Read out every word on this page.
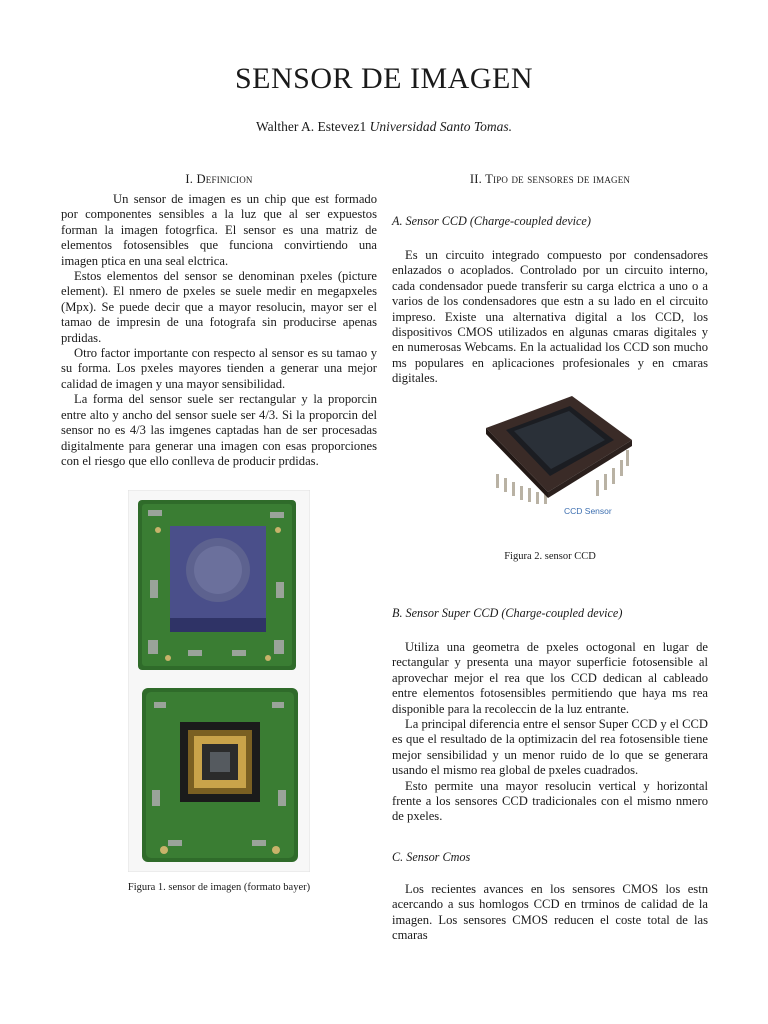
SENSOR DE IMAGEN
Walther A. Estevez1 Universidad Santo Tomas.
I. Definicion

Un sensor de imagen es un chip que est formado por componentes sensibles a la luz que al ser expuestos forman la imagen fotogrfica. El sensor es una matriz de elementos fotosensibles que funciona convirtiendo una imagen ptica en una seal elctrica.

Estos elementos del sensor se denominan pxeles (picture element). El nmero de pxeles se suele medir en megapxeles (Mpx). Se puede decir que a mayor resolucin, mayor ser el tamao de impresin de una fotografa sin producirse apenas prdidas.

Otro factor importante con respecto al sensor es su tamao y su forma. Los pxeles mayores tienden a generar una mejor calidad de imagen y una mayor sensibilidad.

La forma del sensor suele ser rectangular y la proporcin entre alto y ancho del sensor suele ser 4/3. Si la proporcin del sensor no es 4/3 las imgenes captadas han de ser procesadas digitalmente para generar una imagen con esas proporciones con el riesgo que ello conlleva de producir prdidas.

Figura 1. sensor de imagen (formato bayer)
II. Tipo de sensores de imagen
A. Sensor CCD (Charge-coupled device)

Es un circuito integrado compuesto por condensadores enlazados o acoplados. Controlado por un circuito interno, cada condensador puede transferir su carga elctrica a uno o a varios de los condensadores que estn a su lado en el circuito impreso. Existe una alternativa digital a los CCD, los dispositivos CMOS utilizados en algunas cmaras digitales y en numerosas Webcams. En la actualidad los CCD son mucho ms populares en aplicaciones profesionales y en cmaras digitales.

CCD Sensor
Figura 2. sensor CCD
B. Sensor Super CCD (Charge-coupled device)

Utiliza una geometra de pxeles octogonal en lugar de rectangular y presenta una mayor superficie fotosensible al aprovechar mejor el rea que los CCD dedican al cableado entre elementos fotosensibles permitiendo que haya ms rea disponible para la recoleccin de la luz entrante.

La principal diferencia entre el sensor Super CCD y el CCD es que el resultado de la optimizacin del rea fotosensible tiene mejor sensibilidad y un menor ruido de lo que se generara usando el mismo rea global de pxeles cuadrados.

Esto permite una mayor resolucin vertical y horizontal frente a los sensores CCD tradicionales con el mismo nmero de pxeles.

C. Sensor Cmos

Los recientes avances en los sensores CMOS los estn acercando a sus homlogos CCD en trminos de calidad de la imagen. Los sensores CMOS reducen el coste total de las cmaras
